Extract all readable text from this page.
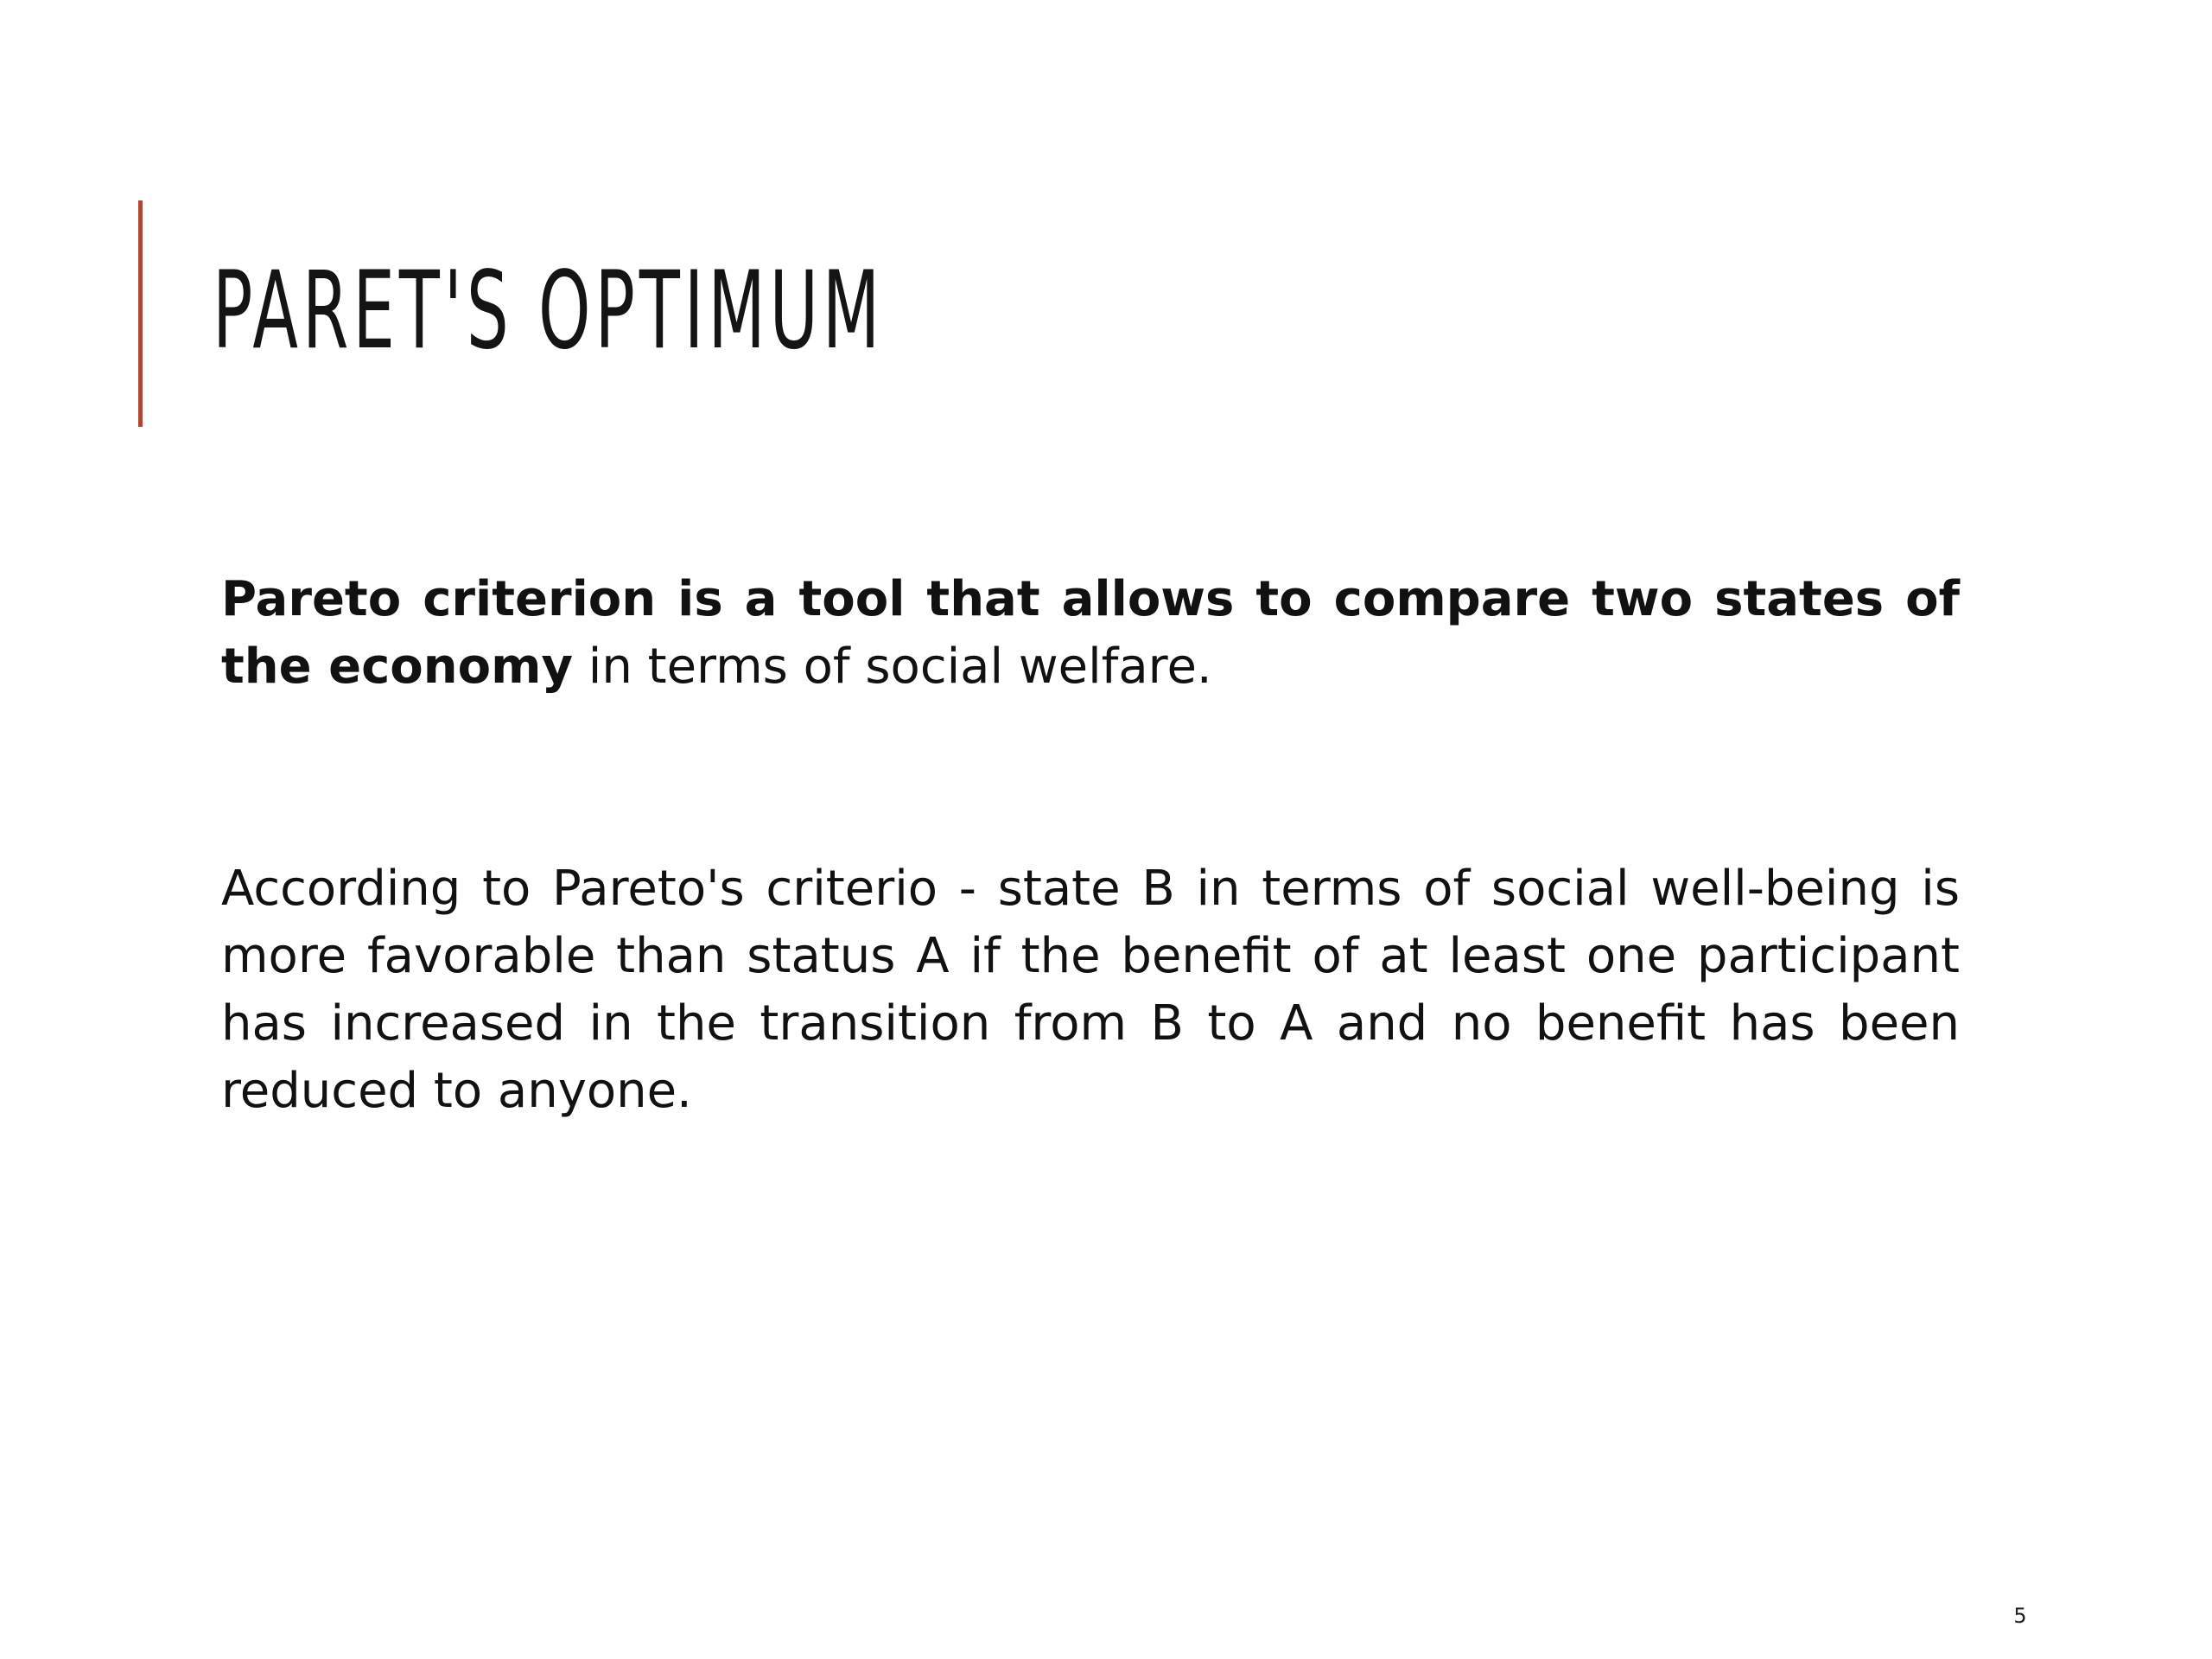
PARET'S OPTIMUM

Pareto criterion is a tool that allows to compare two states of the economy in terms of social welfare.

According to Pareto's criterio - state B in terms of social well-being is more favorable than status A if the benefit of at least one participant has increased in the transition from B to A and no benefit has been reduced to anyone.

5
